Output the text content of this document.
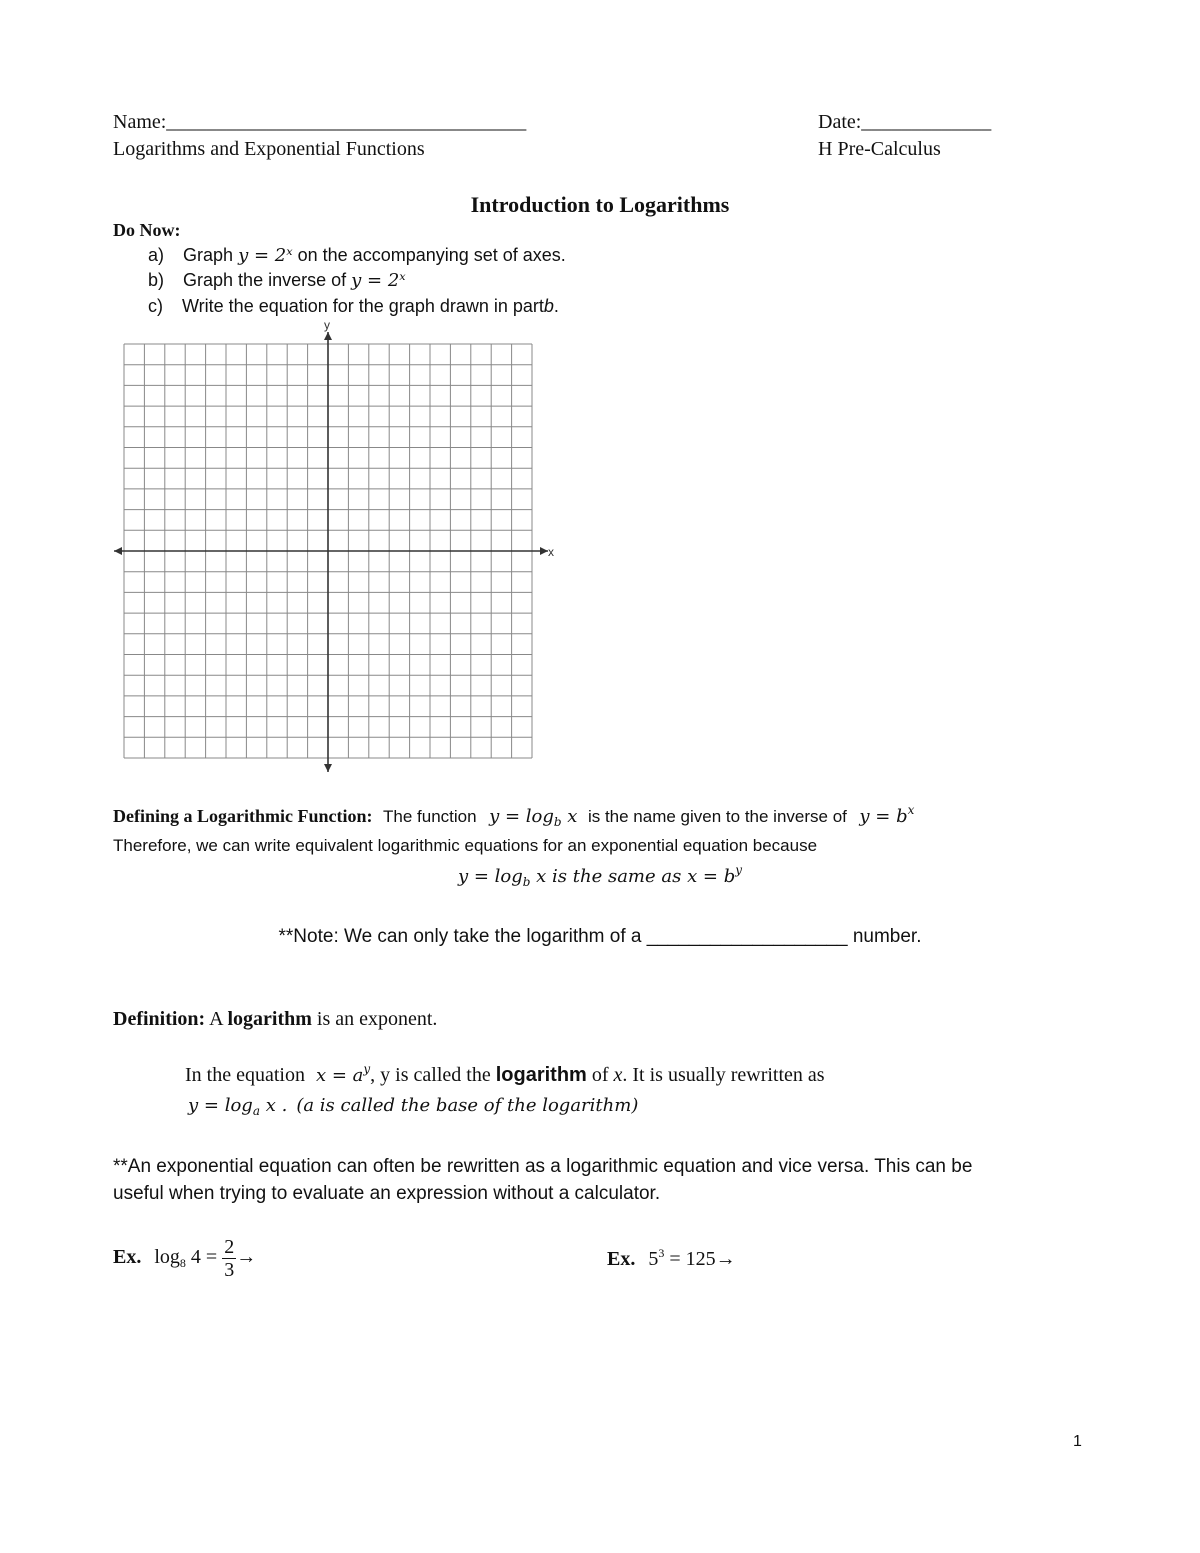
Name:____________________________________	Date:_____________
Logarithms and Exponential Functions	H Pre-Calculus
Introduction to Logarithms
Do Now:
a) Graph y = 2ˣ on the accompanying set of axes.
b) Graph the inverse of y = 2ˣ
c) Write the equation for the graph drawn in partb.
x
y
Defining a Logarithmic Function: The function $y = \log_b x$ is the name given to the inverse of $y = b^x$
Therefore, we can write equivalent logarithmic equations for an exponential equation because
$y = \log_b x$ is the same as $x = b^y$
**Note: We can only take the logarithm of a ___________________ number.
Definition: A logarithm is an exponent.
In the equation $x = a^y$, y is called the logarithm of x. It is usually rewritten as
$y = \log_a x$ . (a is called the base of the logarithm)
**An exponential equation can often be rewritten as a logarithmic equation and vice versa. This can be
useful when trying to evaluate an expression without a calculator.
Ex. $\log_8 4 = \frac{2}{3}$ →	Ex. $5^3 = 125\to$
1
